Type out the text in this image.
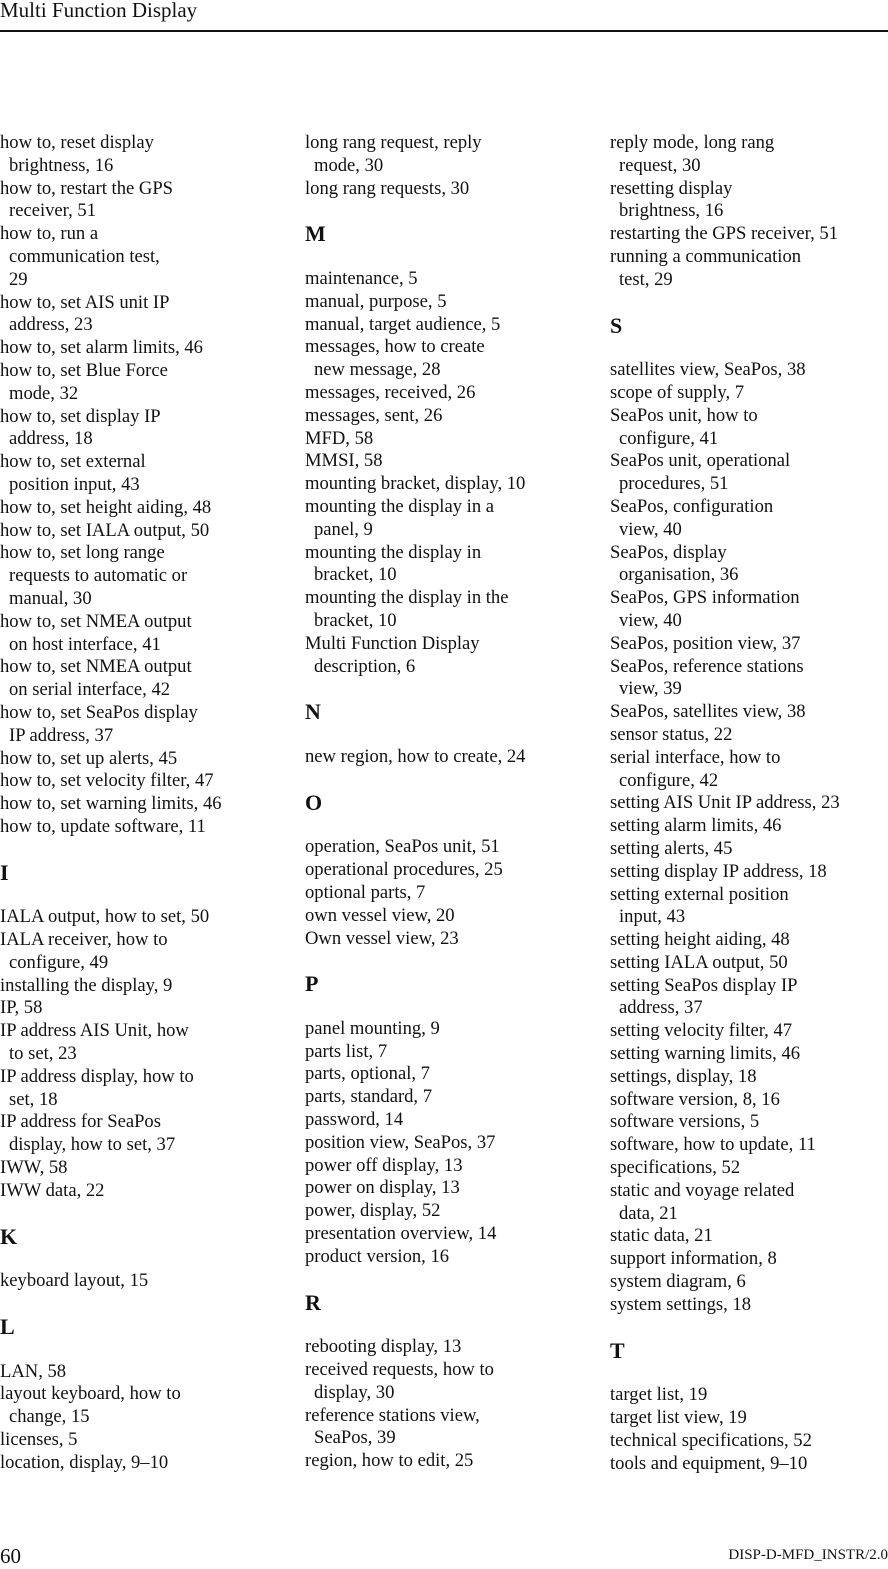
Multi Function Display
how to, reset display
brightness, 16
how to, restart the GPS
receiver, 51
how to, run a
communication test,
29
how to, set AIS unit IP
address, 23
how to, set alarm limits, 46
how to, set Blue Force
mode, 32
how to, set display IP
address, 18
how to, set external
position input, 43
how to, set height aiding, 48
how to, set IALA output, 50
how to, set long range
requests to automatic or
manual, 30
how to, set NMEA output
on host interface, 41
how to, set NMEA output
on serial interface, 42
how to, set SeaPos display
IP address, 37
how to, set up alerts, 45
how to, set velocity filter, 47
how to, set warning limits, 46
how to, update software, 11
I
IALA output, how to set, 50
IALA receiver, how to
configure, 49
installing the display, 9
IP, 58
IP address AIS Unit, how
to set, 23
IP address display, how to
set, 18
IP address for SeaPos
display, how to set, 37
IWW, 58
IWW data, 22
K
keyboard layout, 15
L
LAN, 58
layout keyboard, how to
change, 15
licenses, 5
location, display, 9–10
long rang request, reply
mode, 30
long rang requests, 30
M
maintenance, 5
manual, purpose, 5
manual, target audience, 5
messages, how to create
new message, 28
messages, received, 26
messages, sent, 26
MFD, 58
MMSI, 58
mounting bracket, display, 10
mounting the display in a
panel, 9
mounting the display in
bracket, 10
mounting the display in the
bracket, 10
Multi Function Display
description, 6
N
new region, how to create, 24
O
operation, SeaPos unit, 51
operational procedures, 25
optional parts, 7
own vessel view, 20
Own vessel view, 23
P
panel mounting, 9
parts list, 7
parts, optional, 7
parts, standard, 7
password, 14
position view, SeaPos, 37
power off display, 13
power on display, 13
power, display, 52
presentation overview, 14
product version, 16
R
rebooting display, 13
received requests, how to
display, 30
reference stations view,
SeaPos, 39
region, how to edit, 25
reply mode, long rang
request, 30
resetting display
brightness, 16
restarting the GPS receiver, 51
running a communication
test, 29
S
satellites view, SeaPos, 38
scope of supply, 7
SeaPos unit, how to
configure, 41
SeaPos unit, operational
procedures, 51
SeaPos, configuration
view, 40
SeaPos, display
organisation, 36
SeaPos, GPS information
view, 40
SeaPos, position view, 37
SeaPos, reference stations
view, 39
SeaPos, satellites view, 38
sensor status, 22
serial interface, how to
configure, 42
setting AIS Unit IP address, 23
setting alarm limits, 46
setting alerts, 45
setting display IP address, 18
setting external position
input, 43
setting height aiding, 48
setting IALA output, 50
setting SeaPos display IP
address, 37
setting velocity filter, 47
setting warning limits, 46
settings, display, 18
software version, 8, 16
software versions, 5
software, how to update, 11
specifications, 52
static and voyage related
data, 21
static data, 21
support information, 8
system diagram, 6
system settings, 18
T
target list, 19
target list view, 19
technical specifications, 52
tools and equipment, 9–10
60	DISP-D-MFD_INSTR/2.0
